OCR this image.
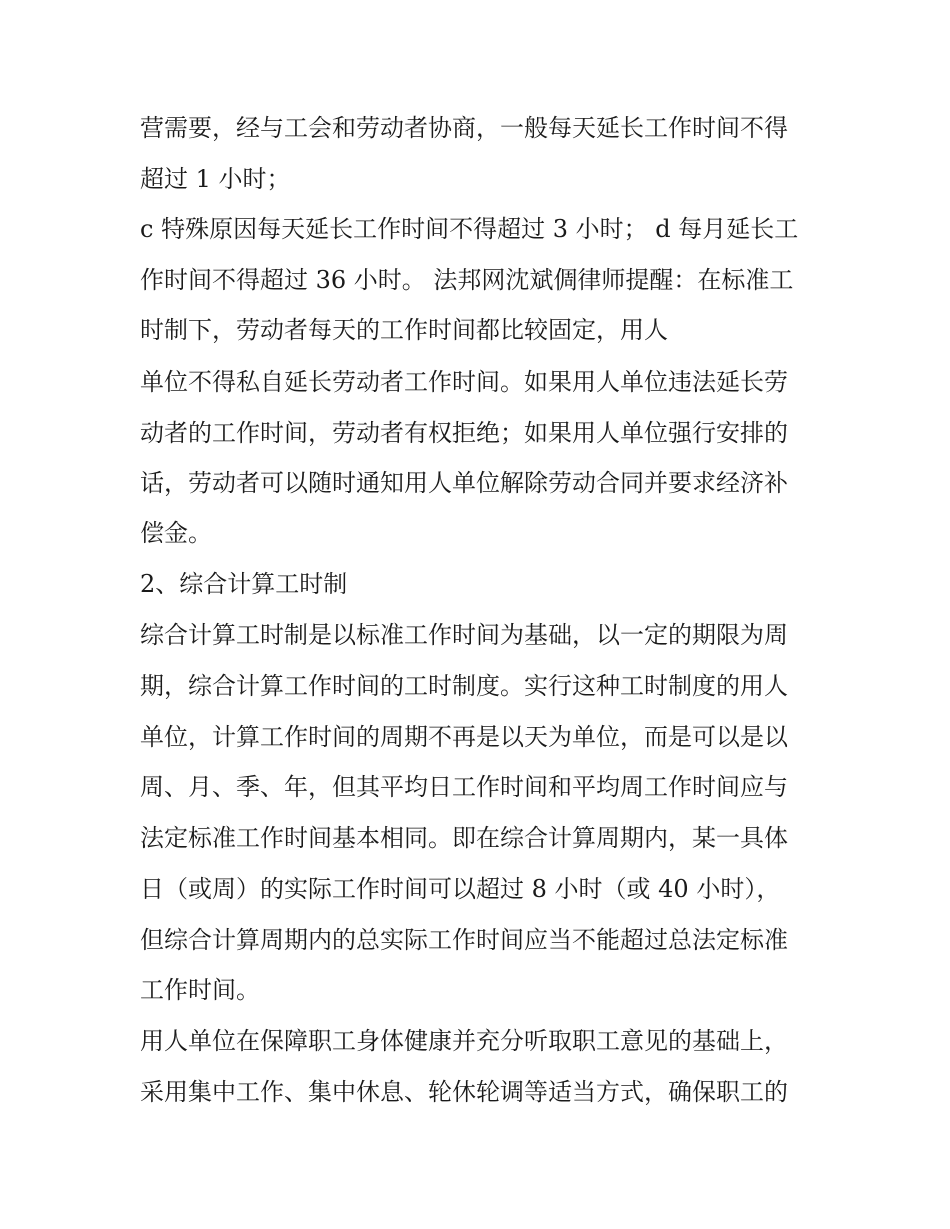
营需要，经与工会和劳动者协商，一般每天延长工作时间不得
超过 1 小时；
c 特殊原因每天延长工作时间不得超过 3 小时； d 每月延长工
作时间不得超过 36 小时。 法邦网沈斌倜律师提醒：在标准工
时制下，劳动者每天的工作时间都比较固定，用人
单位不得私自延长劳动者工作时间。如果用人单位违法延长劳
动者的工作时间，劳动者有权拒绝；如果用人单位强行安排的
话，劳动者可以随时通知用人单位解除劳动合同并要求经济补
偿金。
2、综合计算工时制
综合计算工时制是以标准工作时间为基础，以一定的期限为周
期，综合计算工作时间的工时制度。实行这种工时制度的用人
单位，计算工作时间的周期不再是以天为单位，而是可以是以
周、月、季、年，但其平均日工作时间和平均周工作时间应与
法定标准工作时间基本相同。即在综合计算周期内，某一具体
日（或周）的实际工作时间可以超过 8 小时（或 40 小时），
但综合计算周期内的总实际工作时间应当不能超过总法定标准
工作时间。
用人单位在保障职工身体健康并充分听取职工意见的基础上，
采用集中工作、集中休息、轮休轮调等适当方式，确保职工的
